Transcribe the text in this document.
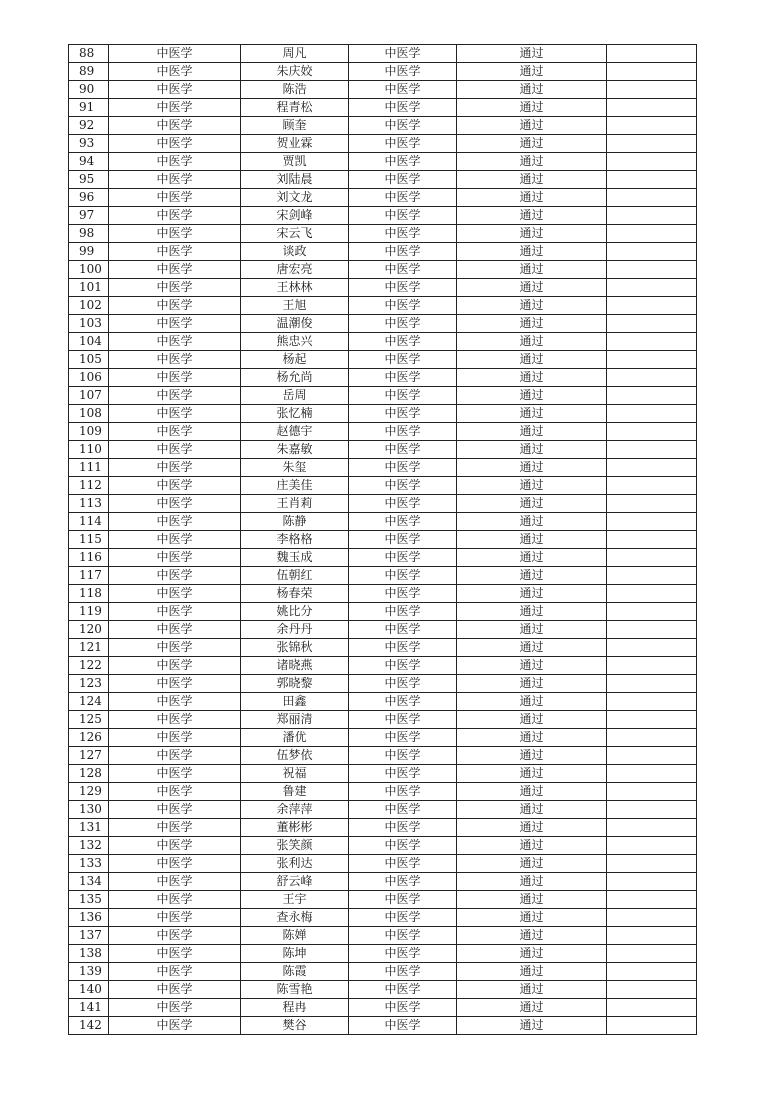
88	中医学	周凡	中医学	通过	
89	中医学	朱庆姣	中医学	通过	
90	中医学	陈浩	中医学	通过	
91	中医学	程青松	中医学	通过	
92	中医学	顾奎	中医学	通过	
93	中医学	贺业霖	中医学	通过	
94	中医学	贾凯	中医学	通过	
95	中医学	刘陆晨	中医学	通过	
96	中医学	刘文龙	中医学	通过	
97	中医学	宋剑峰	中医学	通过	
98	中医学	宋云飞	中医学	通过	
99	中医学	谈政	中医学	通过	
100	中医学	唐宏亮	中医学	通过	
101	中医学	王林林	中医学	通过	
102	中医学	王旭	中医学	通过	
103	中医学	温潮俊	中医学	通过	
104	中医学	熊忠兴	中医学	通过	
105	中医学	杨起	中医学	通过	
106	中医学	杨允尚	中医学	通过	
107	中医学	岳周	中医学	通过	
108	中医学	张忆楠	中医学	通过	
109	中医学	赵德宇	中医学	通过	
110	中医学	朱嘉敏	中医学	通过	
111	中医学	朱玺	中医学	通过	
112	中医学	庄美佳	中医学	通过	
113	中医学	王肖莉	中医学	通过	
114	中医学	陈静	中医学	通过	
115	中医学	李格格	中医学	通过	
116	中医学	魏玉成	中医学	通过	
117	中医学	伍朝红	中医学	通过	
118	中医学	杨春荣	中医学	通过	
119	中医学	姚比分	中医学	通过	
120	中医学	余丹丹	中医学	通过	
121	中医学	张锦秋	中医学	通过	
122	中医学	诸晓燕	中医学	通过	
123	中医学	郭晓黎	中医学	通过	
124	中医学	田鑫	中医学	通过	
125	中医学	郑丽清	中医学	通过	
126	中医学	潘优	中医学	通过	
127	中医学	伍梦依	中医学	通过	
128	中医学	祝福	中医学	通过	
129	中医学	鲁建	中医学	通过	
130	中医学	余萍萍	中医学	通过	
131	中医学	董彬彬	中医学	通过	
132	中医学	张笑颜	中医学	通过	
133	中医学	张利达	中医学	通过	
134	中医学	舒云峰	中医学	通过	
135	中医学	王宇	中医学	通过	
136	中医学	查永梅	中医学	通过	
137	中医学	陈婵	中医学	通过	
138	中医学	陈坤	中医学	通过	
139	中医学	陈霞	中医学	通过	
140	中医学	陈雪艳	中医学	通过	
141	中医学	程冉	中医学	通过	
142	中医学	樊谷	中医学	通过	
